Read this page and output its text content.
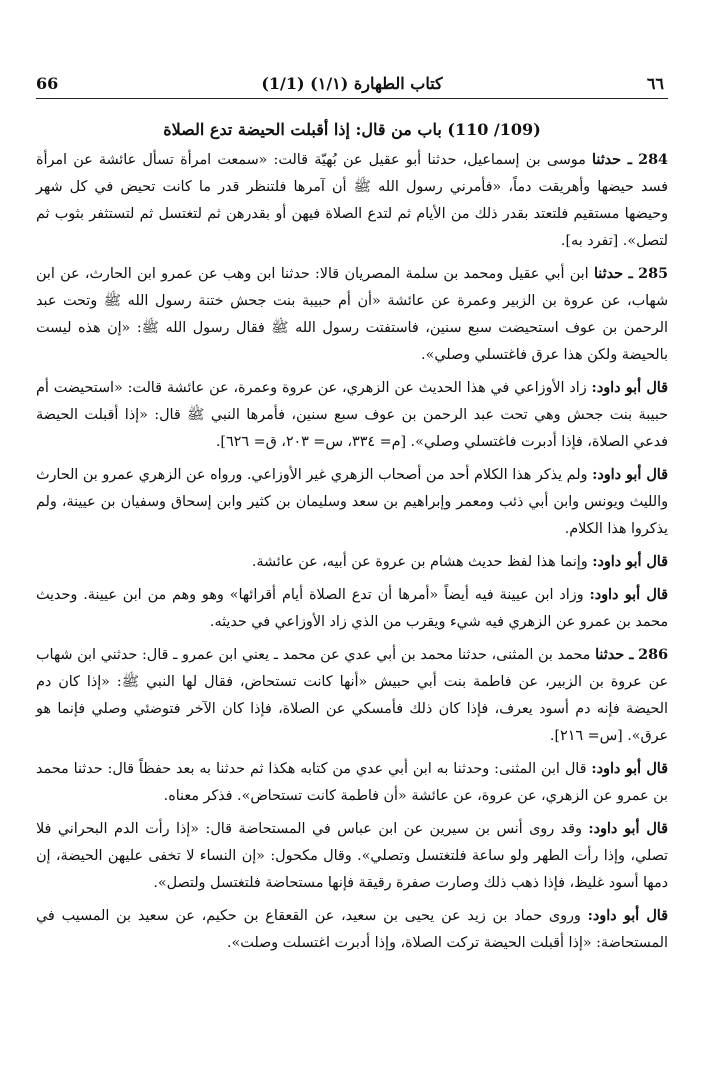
66	(1/1) كتاب الطهارة (١/١)	٦٦
(109/ 110) باب من قال: إذا أقبلت الحيضة تدع الصلاة

284 ـ حدثنا موسى بن إسماعيل، حدثنا أبو عقيل عن بُهيّة قالت: «سمعت امرأة تسأل عائشة عن امرأة فسد حيضها وأهريقت دماً، «فأمرني رسول الله ﷺ أن آمرها فلتنظر قدر ما كانت تحيض في كل شهر وحيضها مستقيم فلتعتد بقدر ذلك من الأيام ثم لتدع الصلاة فيهن أو بقدرهن ثم لتغتسل ثم لتستثفر بثوب ثم لتصل». [تفرد به].

285 ـ حدثنا ابن أبي عقيل ومحمد بن سلمة المصريان قالا: حدثنا ابن وهب عن عمرو ابن الحارث، عن ابن شهاب، عن عروة بن الزبير وعمرة عن عائشة «أن أم حبيبة بنت جحش ختنة رسول الله ﷺ وتحت عبد الرحمن بن عوف استحيضت سبع سنين، فاستفتت رسول الله ﷺ فقال رسول الله ﷺ: «إن هذه ليست بالحيضة ولكن هذا عرق فاغتسلي وصلي».

قال أبو داود: زاد الأوزاعي في هذا الحديث عن الزهري، عن عروة وعمرة، عن عائشة قالت: «استحيضت أم حبيبة بنت جحش وهي تحت عبد الرحمن بن عوف سبع سنين، فأمرها النبي ﷺ قال: «إذا أقبلت الحيضة فدعي الصلاة، فإذا أدبرت فاغتسلي وصلي». [م= ٣٣٤، س= ٢٠٣، ق= ٦٢٦].

قال أبو داود: ولم يذكر هذا الكلام أحد من أصحاب الزهري غير الأوزاعي. ورواه عن الزهري عمرو بن الحارث والليث ويونس وابن أبي ذئب ومعمر وإبراهيم بن سعد وسليمان بن كثير وابن إسحاق وسفيان بن عيينة، ولم يذكروا هذا الكلام.

قال أبو داود: وإنما هذا لفظ حديث هشام بن عروة عن أبيه، عن عائشة.

قال أبو داود: وزاد ابن عيينة فيه أيضاً «أمرها أن تدع الصلاة أيام أقرائها» وهو وهم من ابن عيينة. وحديث محمد بن عمرو عن الزهري فيه شيء ويقرب من الذي زاد الأوزاعي في حديثه.

286 ـ حدثنا محمد بن المثنى، حدثنا محمد بن أبي عدي عن محمد ـ يعني ابن عمرو ـ قال: حدثني ابن شهاب عن عروة بن الزبير، عن فاطمة بنت أبي حبيش «أنها كانت تستحاض، فقال لها النبي ﷺ: «إذا كان دم الحيضة فإنه دم أسود يعرف، فإذا كان ذلك فأمسكي عن الصلاة، فإذا كان الآخر فتوضئي وصلي فإنما هو عرق». [س= ٢١٦].

قال أبو داود: قال ابن المثنى: وحدثنا به ابن أبي عدي من كتابه هكذا ثم حدثنا به بعد حفظاً قال: حدثنا محمد بن عمرو عن الزهري، عن عروة، عن عائشة «أن فاطمة كانت تستحاض». فذكر معناه.

قال أبو داود: وقد روى أنس بن سيرين عن ابن عباس في المستحاضة قال: «إذا رأت الدم البحراني فلا تصلي، وإذا رأت الطهر ولو ساعة فلتغتسل وتصلي». وقال مكحول: «إن النساء لا تخفى عليهن الحيضة، إن دمها أسود غليظ، فإذا ذهب ذلك وصارت صفرة رقيقة فإنها مستحاضة فلتغتسل ولتصل».

قال أبو داود: وروى حماد بن زيد عن يحيى بن سعيد، عن القعقاع بن حكيم، عن سعيد بن المسيب في المستحاضة: «إذا أقبلت الحيضة تركت الصلاة، وإذا أدبرت اغتسلت وصلت».
